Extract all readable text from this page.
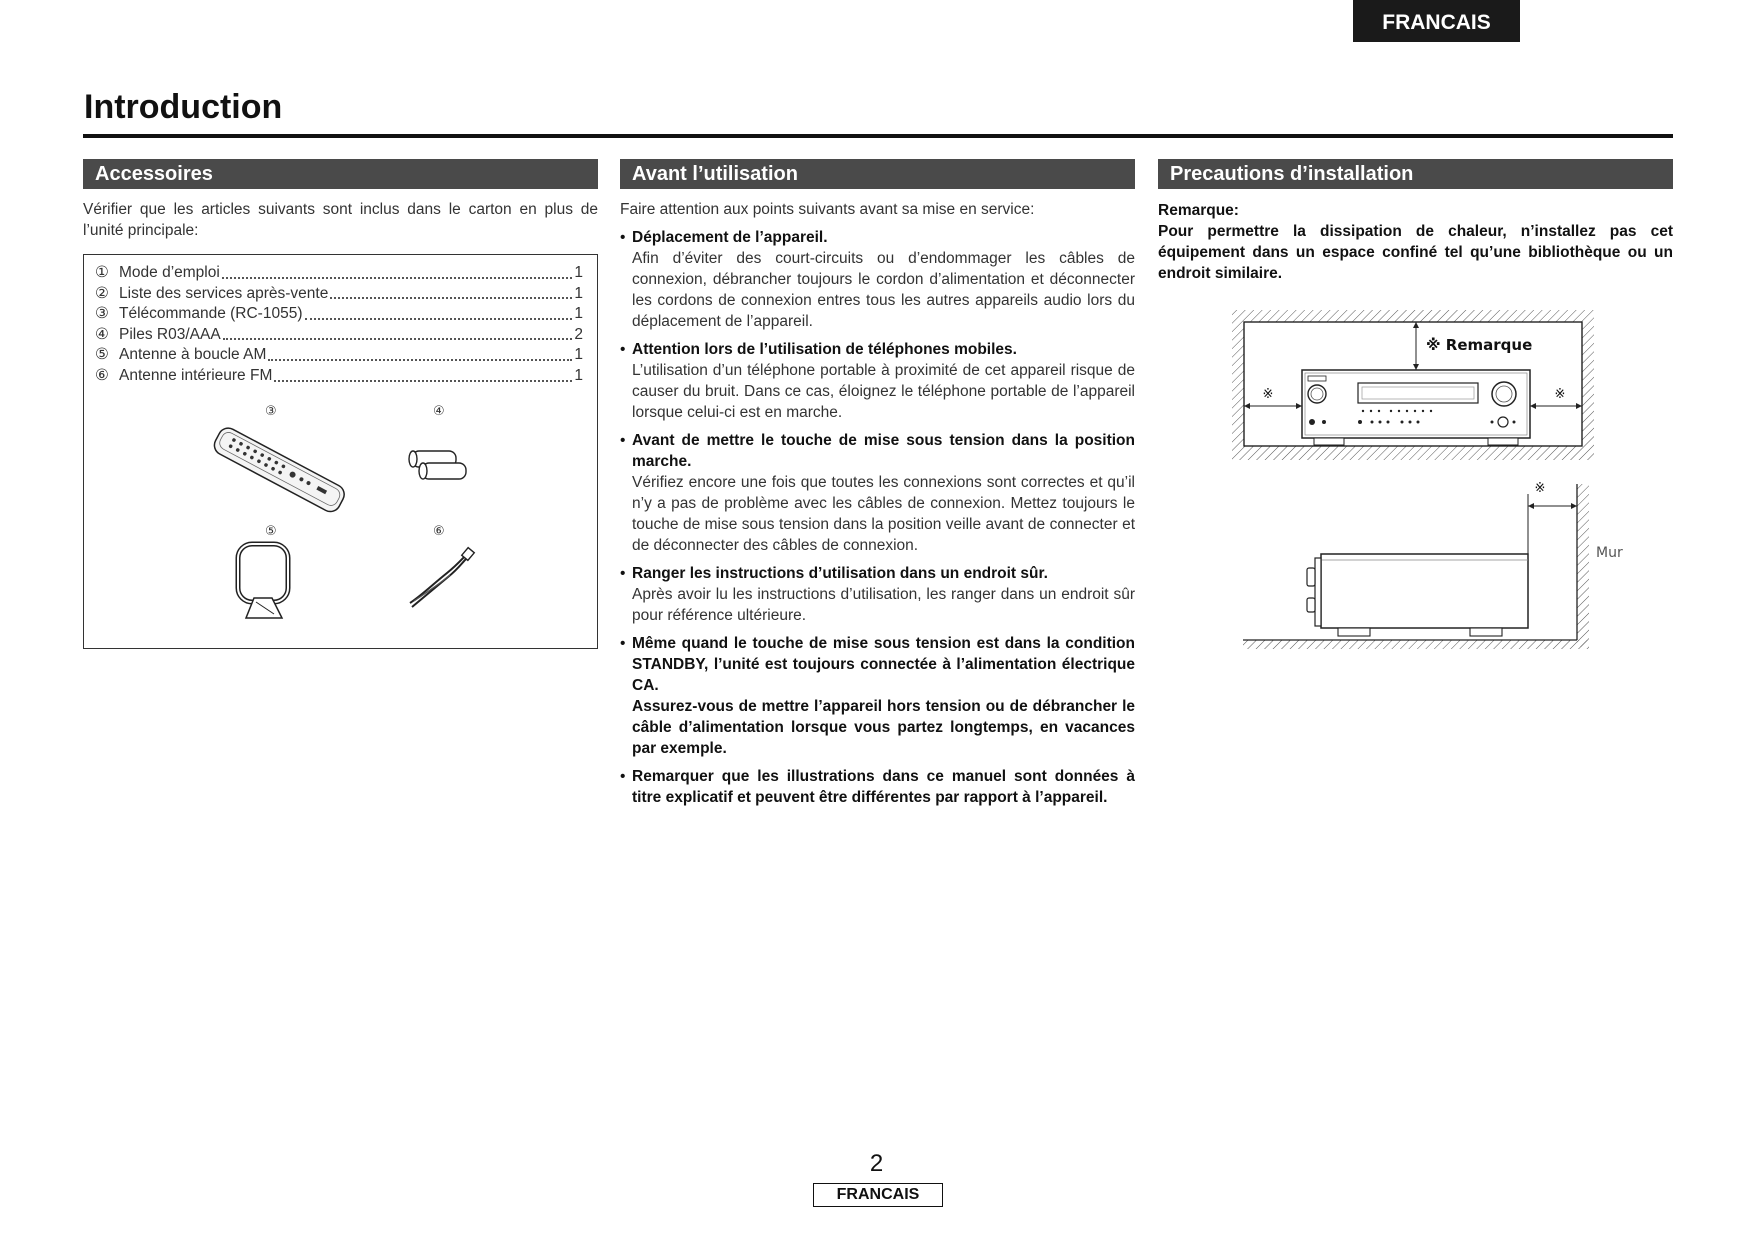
FRANCAIS
Introduction
Accessoires

Vérifier que les articles suivants sont inclus dans le carton en plus de l’unité principale:

① Mode d’emploi	1
② Liste des services après-vente	1
③ Télécommande (RC-1055)	1
④ Piles R03/AAA	2
⑤ Antenne à boucle AM	1
⑥ Antenne intérieure FM	1
③	④
⑤	⑥
Avant l’utilisation

Faire attention aux points suivants avant sa mise en service:

• Déplacement de l’appareil.

Afin d’éviter des court-circuits ou d’endommager les câbles de connexion, débrancher toujours le cordon d’alimentation et déconnecter les cordons de connexion entres tous les autres appareils audio lors du déplacement de l’appareil.

• Attention lors de l’utilisation de téléphones mobiles.

L’utilisation d’un téléphone portable à proximité de cet appareil risque de causer du bruit. Dans ce cas, éloignez le téléphone portable de l’appareil lorsque celui-ci est en marche.

• Avant de mettre le touche de mise sous tension dans la position marche.

Vérifiez encore une fois que toutes les connexions sont correctes et qu’il n’y a pas de problème avec les câbles de connexion. Mettez toujours le touche de mise sous tension dans la position veille avant de connecter et de déconnecter des câbles de connexion.

• Ranger les instructions d’utilisation dans un endroit sûr.

Après avoir lu les instructions d’utilisation, les ranger dans un endroit sûr pour référence ultérieure.

• Même quand le touche de mise sous tension est dans la condition STANDBY, l’unité est toujours connectée à l’alimentation électrique CA.

Assurez-vous de mettre l’appareil hors tension ou de débrancher le câble d’alimentation lorsque vous partez longtemps, en vacances par exemple.

• Remarquer que les illustrations dans ce manuel sont données à titre explicatif et peuvent être différentes par rapport à l’appareil.

Precautions d’installation

Remarque:

Pour permettre la dissipation de chaleur, n’installez pas cet équipement dans un espace confiné tel qu’une bibliothèque ou un endroit similaire.

※ Remarque
※	※
※
Mur
2
FRANCAIS
